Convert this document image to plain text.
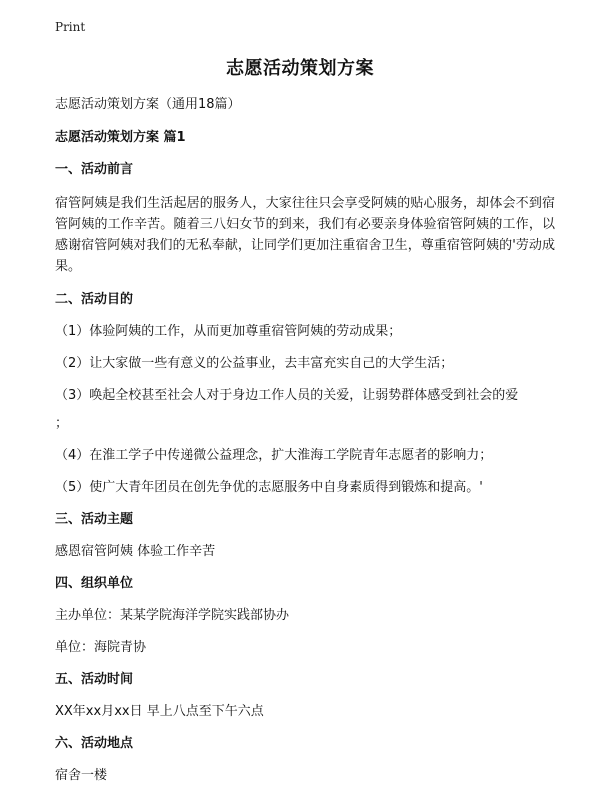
Print
志愿活动策划方案
志愿活动策划方案（通用18篇）
志愿活动策划方案 篇1
一、活动前言
宿管阿姨是我们生活起居的服务人，大家往往只会享受阿姨的贴心服务，却体会不到宿管阿姨的工作辛苦。随着三八妇女节的到来，我们有必要亲身体验宿管阿姨的工作，以感谢宿管阿姨对我们的无私奉献，让同学们更加注重宿舍卫生，尊重宿管阿姨的'劳动成果。
二、活动目的
（1）体验阿姨的工作，从而更加尊重宿管阿姨的劳动成果；
（2）让大家做一些有意义的公益事业，去丰富充实自己的大学生活；
（3）唤起全校甚至社会人对于身边工作人员的关爱，让弱势群体感受到社会的爱
；
（4）在淮工学子中传递微公益理念，扩大淮海工学院青年志愿者的影响力；
（5）使广大青年团员在创先争优的志愿服务中自身素质得到锻炼和提高。'
三、活动主题
感恩宿管阿姨 体验工作辛苦
四、组织单位
主办单位：某某学院海洋学院实践部协办
单位：海院青协
五、活动时间
XX年xx月xx日 早上八点至下午六点
六、活动地点
宿舍一楼
